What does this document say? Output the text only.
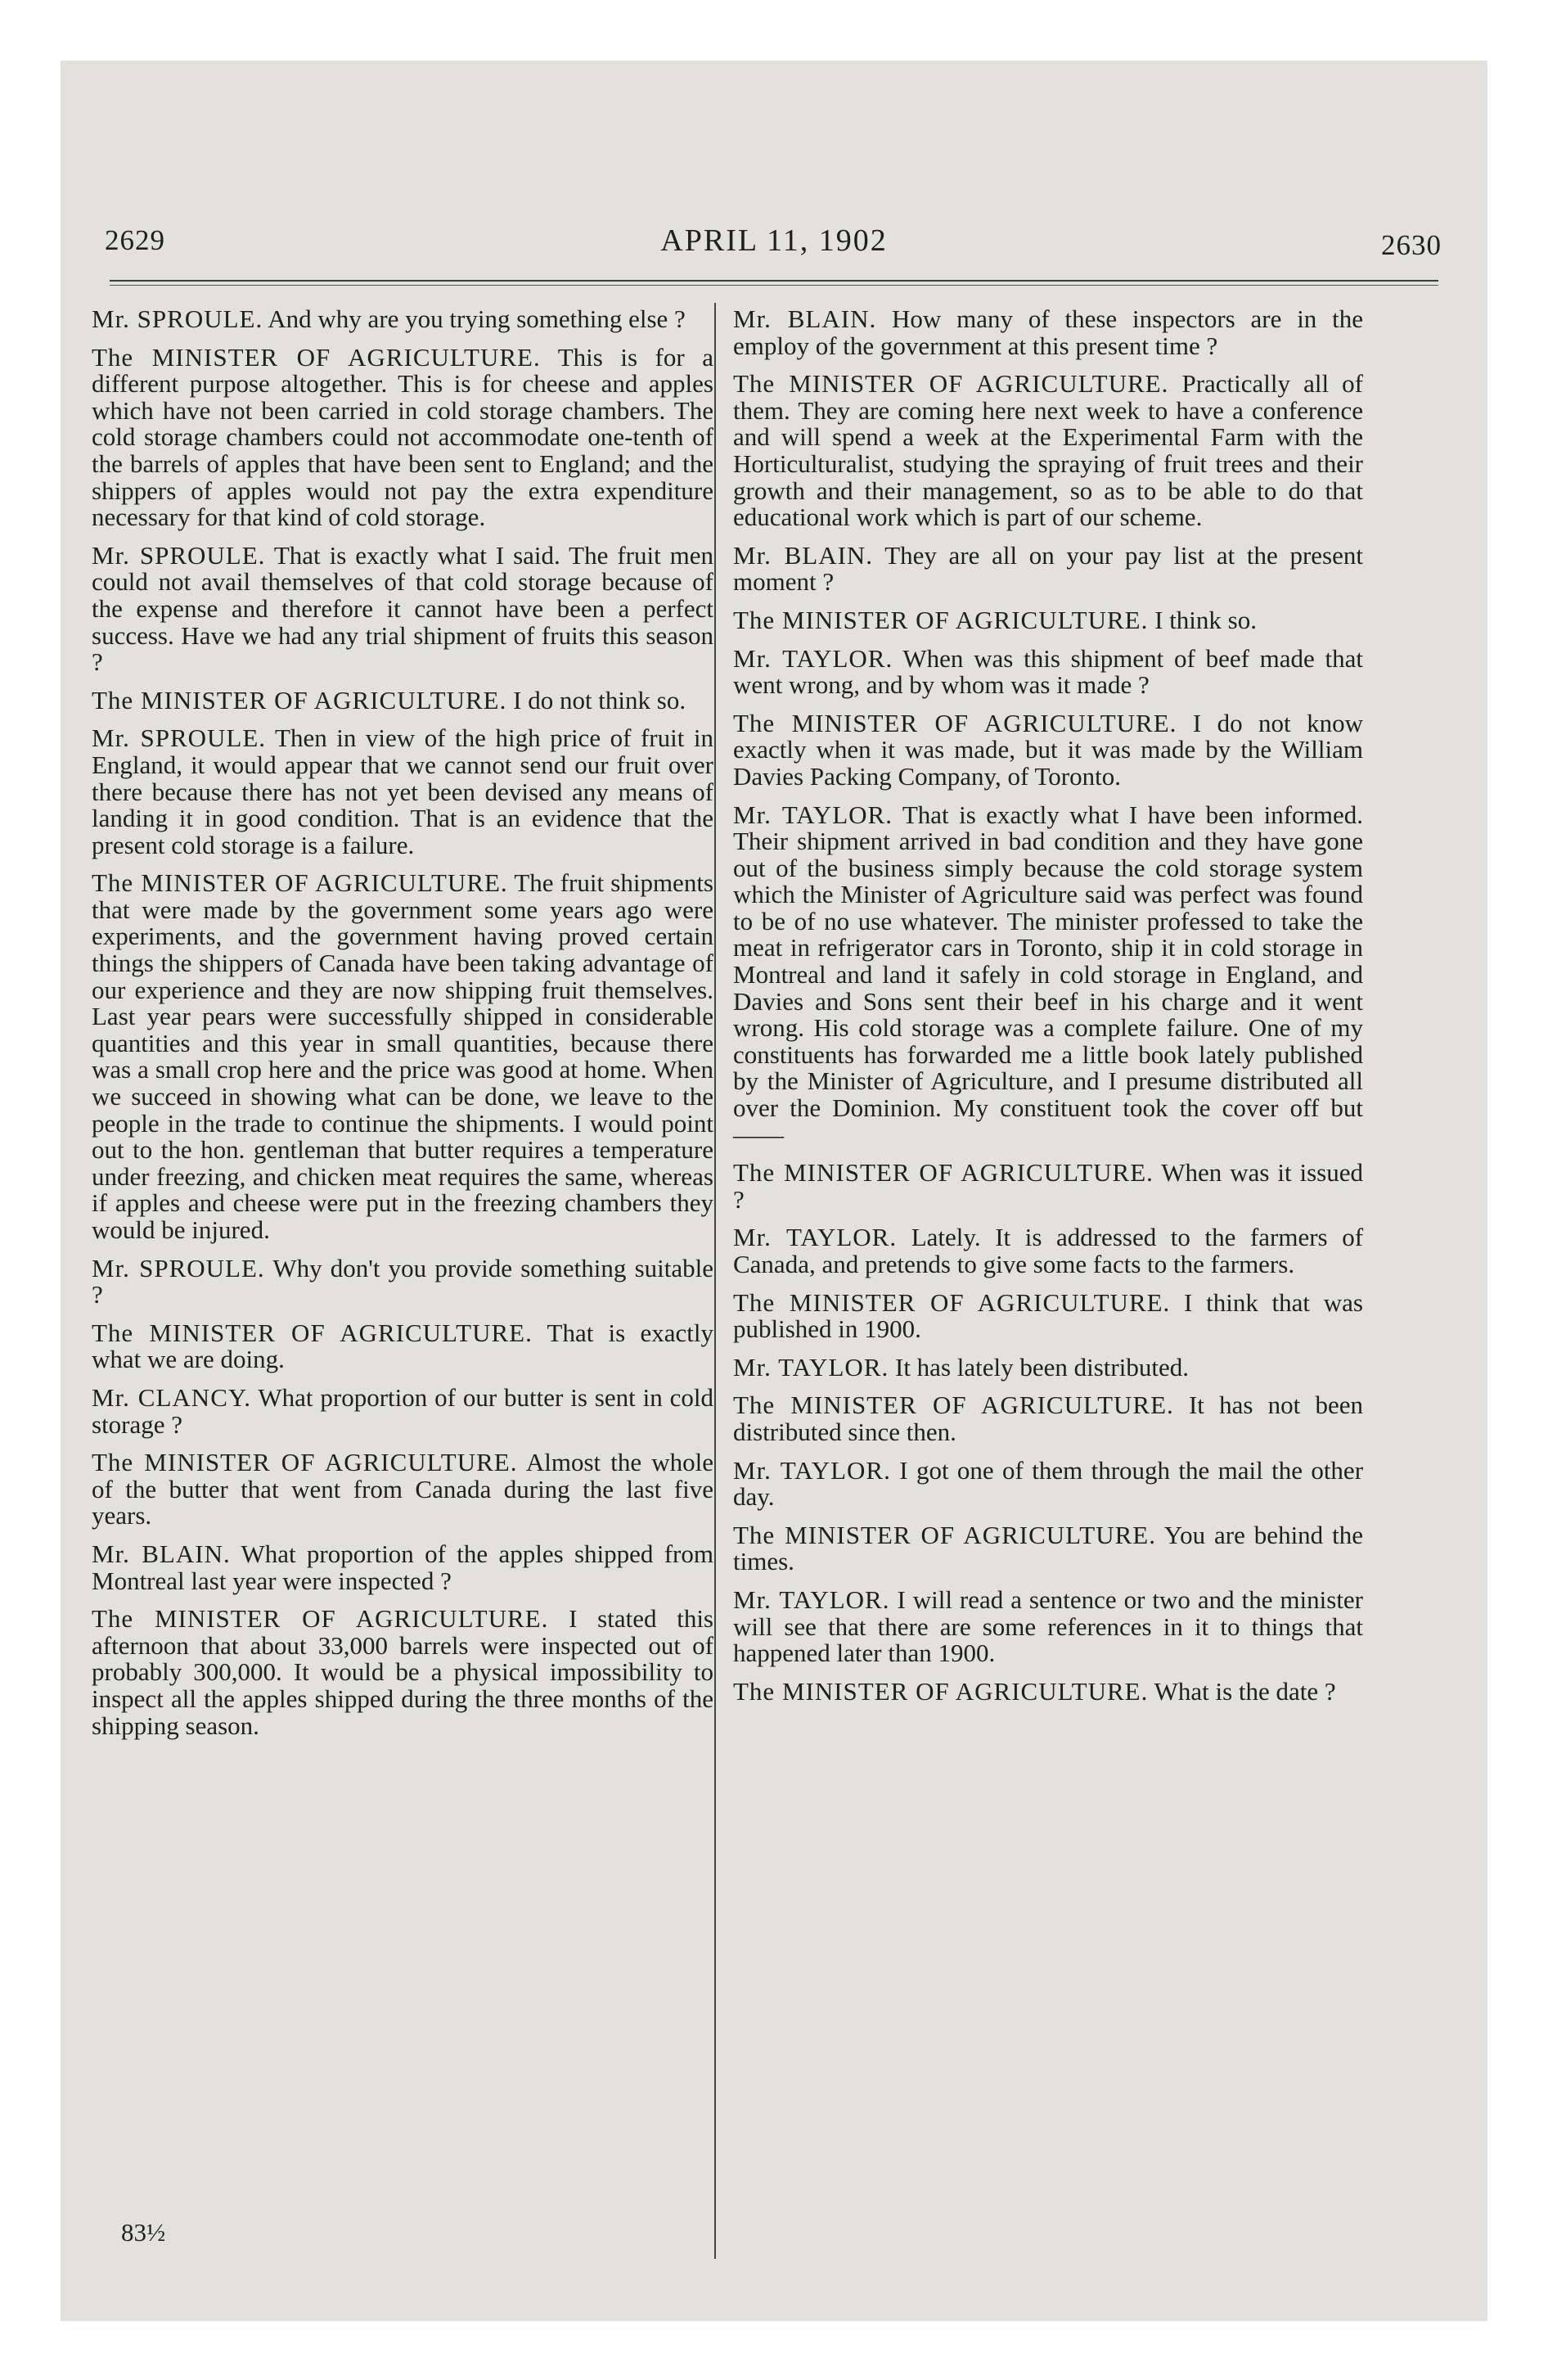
2629	APRIL 11, 1902	2630

Mr. SPROULE. And why are you trying something else ?

The MINISTER OF AGRICULTURE. This is for a different purpose altogether. This is for cheese and apples which have not been carried in cold storage chambers. The cold storage chambers could not accommodate one-tenth of the barrels of apples that have been sent to England; and the shippers of apples would not pay the extra expenditure necessary for that kind of cold storage.

Mr. SPROULE. That is exactly what I said. The fruit men could not avail themselves of that cold storage because of the expense and therefore it cannot have been a perfect success. Have we had any trial shipment of fruits this season ?

The MINISTER OF AGRICULTURE. I do not think so.

Mr. SPROULE. Then in view of the high price of fruit in England, it would appear that we cannot send our fruit over there because there has not yet been devised any means of landing it in good condition. That is an evidence that the present cold storage is a failure.

The MINISTER OF AGRICULTURE. The fruit shipments that were made by the government some years ago were experiments, and the government having proved certain things the shippers of Canada have been taking advantage of our experience and they are now shipping fruit themselves. Last year pears were successfully shipped in considerable quantities and this year in small quantities, because there was a small crop here and the price was good at home. When we succeed in showing what can be done, we leave to the people in the trade to continue the shipments. I would point out to the hon. gentleman that butter requires a temperature under freezing, and chicken meat requires the same, whereas if apples and cheese were put in the freezing chambers they would be injured.

Mr. SPROULE. Why don't you provide something suitable ?

The MINISTER OF AGRICULTURE. That is exactly what we are doing.

Mr. CLANCY. What proportion of our butter is sent in cold storage ?

The MINISTER OF AGRICULTURE. Almost the whole of the butter that went from Canada during the last five years.

Mr. BLAIN. What proportion of the apples shipped from Montreal last year were inspected ?

The MINISTER OF AGRICULTURE. I stated this afternoon that about 33,000 barrels were inspected out of probably 300,000. It would be a physical impossibility to inspect all the apples shipped during the three months of the shipping season.

Mr. BLAIN. How many of these inspectors are in the employ of the government at this present time ?

The MINISTER OF AGRICULTURE. Practically all of them. They are coming here next week to have a conference and will spend a week at the Experimental Farm with the Horticulturalist, studying the spraying of fruit trees and their growth and their management, so as to be able to do that educational work which is part of our scheme.

Mr. BLAIN. They are all on your pay list at the present moment ?

The MINISTER OF AGRICULTURE. I think so.

Mr. TAYLOR. When was this shipment of beef made that went wrong, and by whom was it made ?

The MINISTER OF AGRICULTURE. I do not know exactly when it was made, but it was made by the William Davies Packing Company, of Toronto.

Mr. TAYLOR. That is exactly what I have been informed. Their shipment arrived in bad condition and they have gone out of the business simply because the cold storage system which the Minister of Agriculture said was perfect was found to be of no use whatever. The minister professed to take the meat in refrigerator cars in Toronto, ship it in cold storage in Montreal and land it safely in cold storage in England, and Davies and Sons sent their beef in his charge and it went wrong. His cold storage was a complete failure. One of my constituents has forwarded me a little book lately published by the Minister of Agriculture, and I presume distributed all over the Dominion. My constituent took the cover off but——

The MINISTER OF AGRICULTURE. When was it issued ?

Mr. TAYLOR. Lately. It is addressed to the farmers of Canada, and pretends to give some facts to the farmers.

The MINISTER OF AGRICULTURE. I think that was published in 1900.

Mr. TAYLOR. It has lately been distributed.

The MINISTER OF AGRICULTURE. It has not been distributed since then.

Mr. TAYLOR. I got one of them through the mail the other day.

The MINISTER OF AGRICULTURE. You are behind the times.

Mr. TAYLOR. I will read a sentence or two and the minister will see that there are some references in it to things that happened later than 1900.

The MINISTER OF AGRICULTURE. What is the date ?

83½
